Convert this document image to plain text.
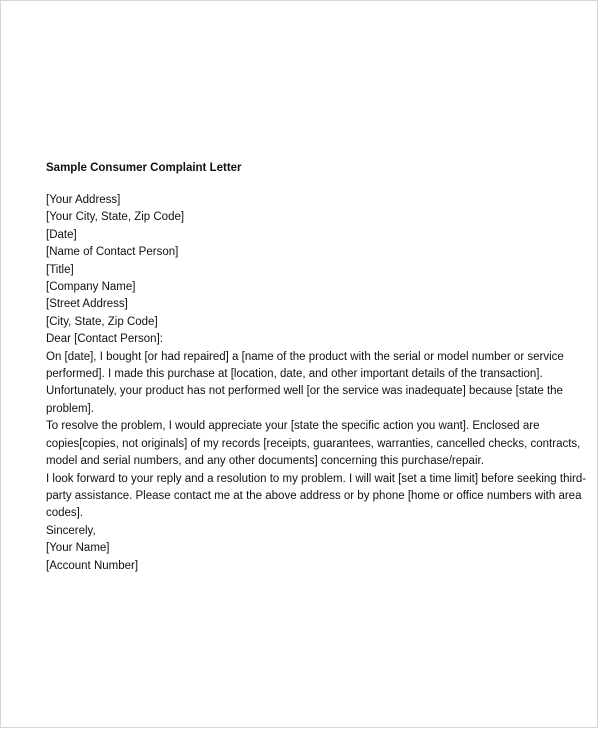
Sample Consumer Complaint Letter
[Your Address]
[Your City, State, Zip Code]
[Date]
[Name of Contact Person]
[Title]
[Company Name]
[Street Address]
[City, State, Zip Code]
Dear [Contact Person]:
On [date], I bought [or had repaired] a [name of the product with the serial or model number or service
performed]. I made this purchase at [location, date, and other important details of the transaction].
Unfortunately, your product has not performed well [or the service was inadequate] because [state the
problem].
To resolve the problem, I would appreciate your [state the specific action you want]. Enclosed are
copies[copies, not originals] of my records [receipts, guarantees, warranties, cancelled checks, contracts,
model and serial numbers, and any other documents] concerning this purchase/repair.
I look forward to your reply and a resolution to my problem. I will wait [set a time limit] before seeking third-
party assistance. Please contact me at the above address or by phone [home or office numbers with area
codes].
Sincerely,
[Your Name]
[Account Number]
